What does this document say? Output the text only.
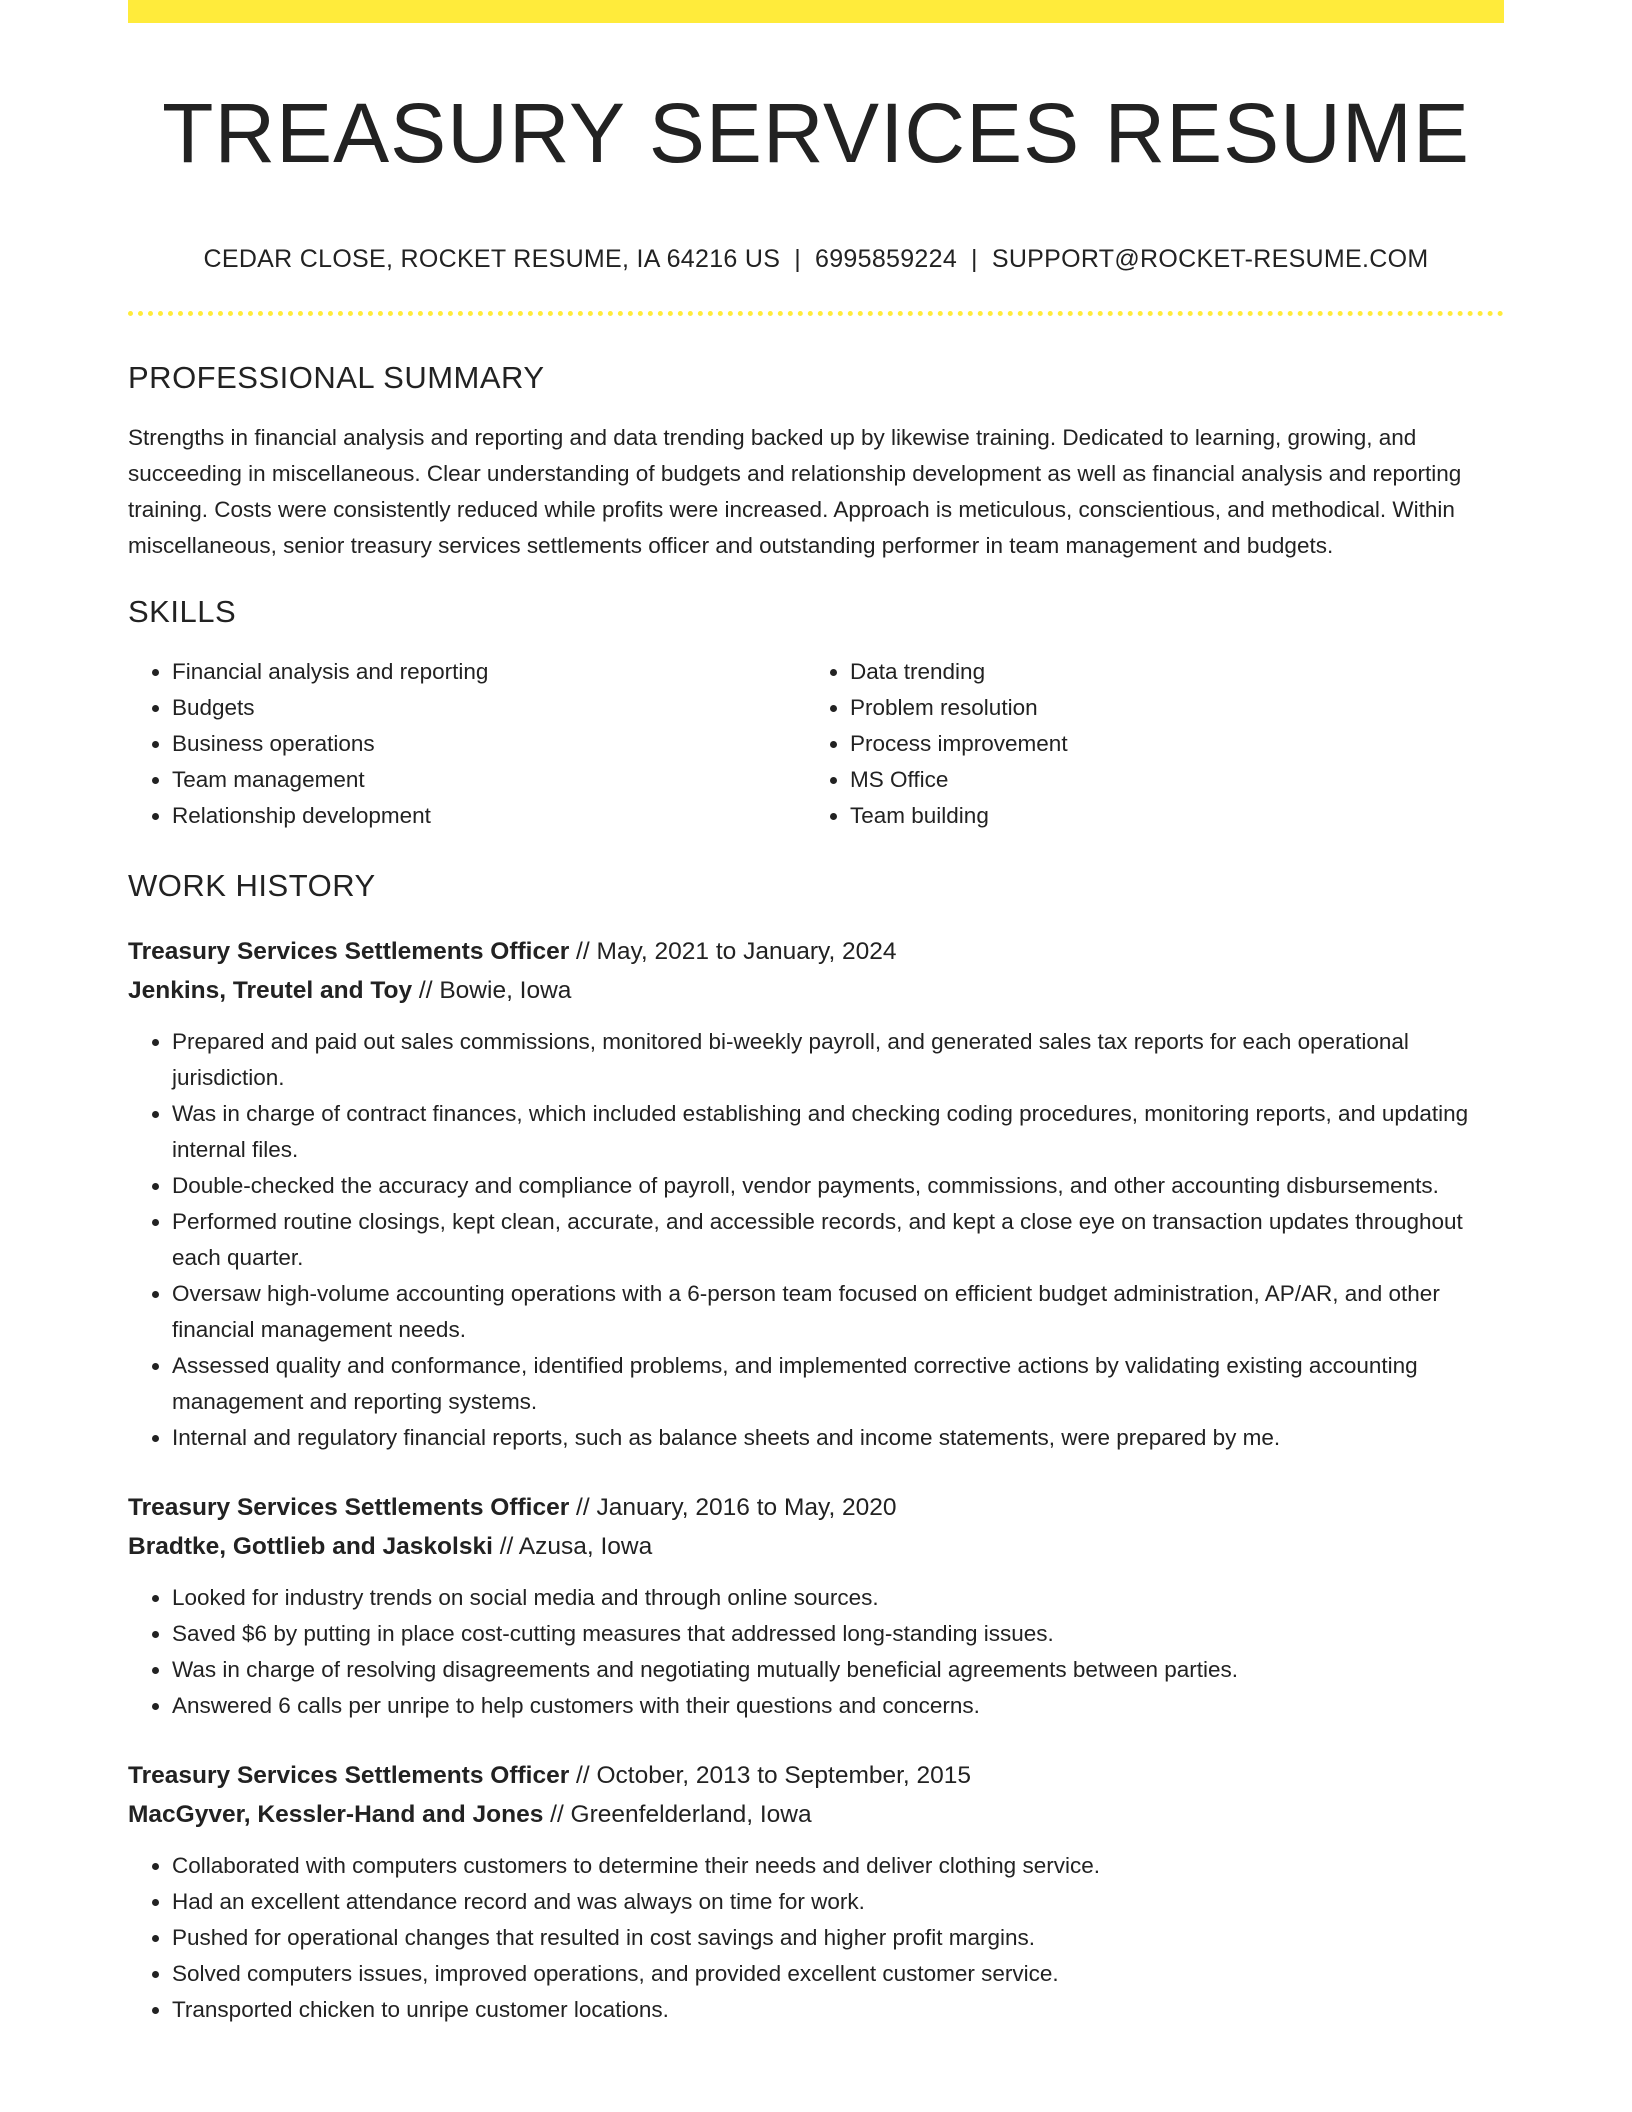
TREASURY SERVICES RESUME
CEDAR CLOSE, ROCKET RESUME, IA 64216 US | 6995859224 | SUPPORT@ROCKET-RESUME.COM
PROFESSIONAL SUMMARY
Strengths in financial analysis and reporting and data trending backed up by likewise training. Dedicated to learning, growing, and succeeding in miscellaneous. Clear understanding of budgets and relationship development as well as financial analysis and reporting training. Costs were consistently reduced while profits were increased. Approach is meticulous, conscientious, and methodical. Within miscellaneous, senior treasury services settlements officer and outstanding performer in team management and budgets.
SKILLS
• Financial analysis and reporting
• Budgets
• Business operations
• Team management
• Relationship development
• Data trending
• Problem resolution
• Process improvement
• MS Office
• Team building
WORK HISTORY
Treasury Services Settlements Officer // May, 2021 to January, 2024
Jenkins, Treutel and Toy // Bowie, Iowa
• Prepared and paid out sales commissions, monitored bi-weekly payroll, and generated sales tax reports for each operational jurisdiction.
• Was in charge of contract finances, which included establishing and checking coding procedures, monitoring reports, and updating internal files.
• Double-checked the accuracy and compliance of payroll, vendor payments, commissions, and other accounting disbursements.
• Performed routine closings, kept clean, accurate, and accessible records, and kept a close eye on transaction updates throughout each quarter.
• Oversaw high-volume accounting operations with a 6-person team focused on efficient budget administration, AP/AR, and other financial management needs.
• Assessed quality and conformance, identified problems, and implemented corrective actions by validating existing accounting management and reporting systems.
• Internal and regulatory financial reports, such as balance sheets and income statements, were prepared by me.
Treasury Services Settlements Officer // January, 2016 to May, 2020
Bradtke, Gottlieb and Jaskolski // Azusa, Iowa
• Looked for industry trends on social media and through online sources.
• Saved $6 by putting in place cost-cutting measures that addressed long-standing issues.
• Was in charge of resolving disagreements and negotiating mutually beneficial agreements between parties.
• Answered 6 calls per unripe to help customers with their questions and concerns.
Treasury Services Settlements Officer // October, 2013 to September, 2015
MacGyver, Kessler-Hand and Jones // Greenfelderland, Iowa
• Collaborated with computers customers to determine their needs and deliver clothing service.
• Had an excellent attendance record and was always on time for work.
• Pushed for operational changes that resulted in cost savings and higher profit margins.
• Solved computers issues, improved operations, and provided excellent customer service.
• Transported chicken to unripe customer locations.
